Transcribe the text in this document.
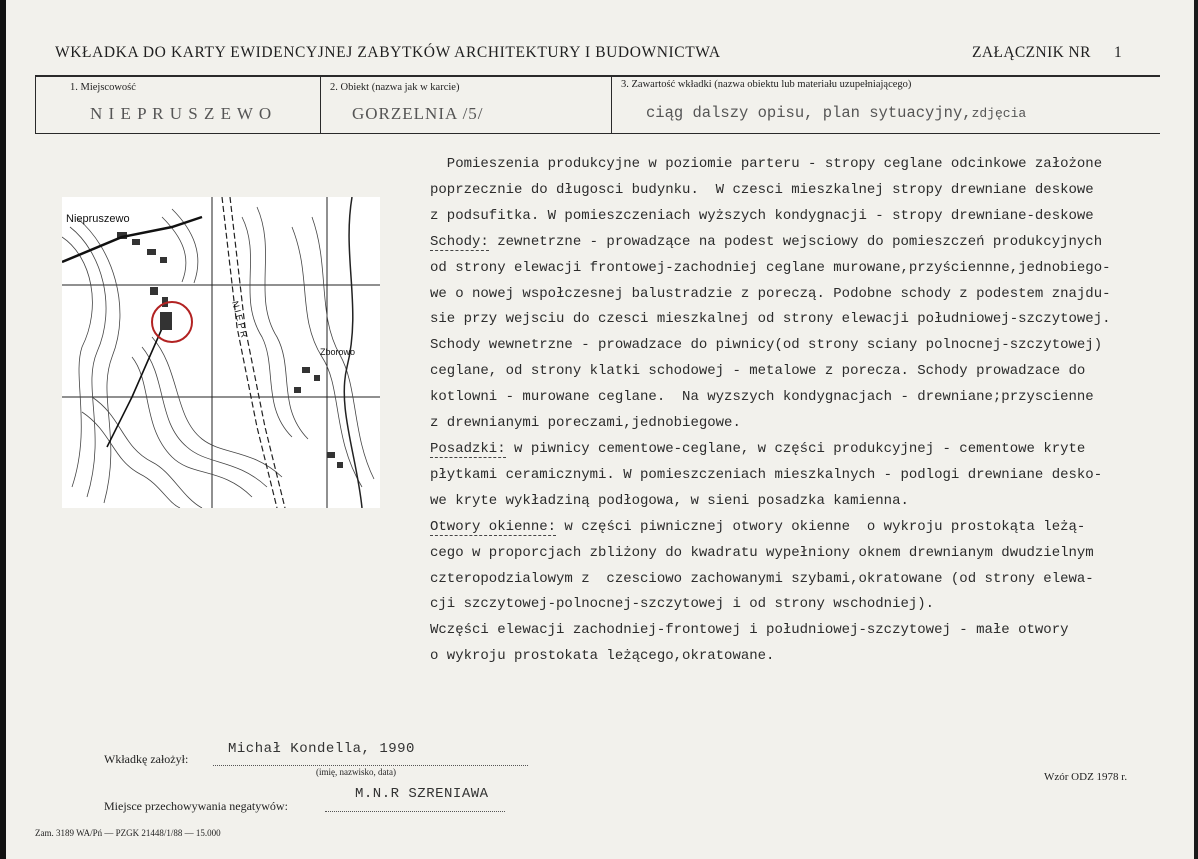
WKŁADKA DO KARTY EWIDENCYJNEJ ZABYTKÓW ARCHITEKTURY I BUDOWNICTWA	ZAŁĄCZNIK NR 1
1. Miejscowość	2. Obiekt (nazwa jak w karcie)	3. Zawartość wkładki (nazwa obiektu lub materiału uzupełniającego)
N I E P R U S Z E W O	GORZELNIA /5/	ciąg dalszy opisu, plan sytuacyjny,zdjęcia
Niepruszewo
Zborowo
N I E P R
Pomieszenia produkcyjne w poziomie parteru - stropy ceglane odcinkowe założone
poprzecznie do długosci budynku.  W czesci mieszkalnej stropy drewniane deskowe
z podsufitka. W pomieszczeniach wyższych kondygnacji - stropy drewniane-deskowe
Schody: zewnetrzne - prowadzące na podest wejsciowy do pomieszczeń produkcyjnych
od strony elewacji frontowej-zachodniej ceglane murowane,przyściennne,jednobiego-
we o nowej wspołczesnej balustradzie z poreczą. Podobne schody z podestem znajdu-
sie przy wejsciu do czesci mieszkalnej od strony elewacji południowej-szczytowej.
Schody wewnetrzne - prowadzace do piwnicy(od strony sciany polnocnej-szczytowej)
ceglane, od strony klatki schodowej - metalowe z porecza. Schody prowadzace do
kotlowni - murowane ceglane.  Na wyzszych kondygnacjach - drewniane;przyscienne
z drewnianymi poreczami,jednobiegowe.
Posadzki: w piwnicy cementowe-ceglane, w części produkcyjnej - cementowe kryte
płytkami ceramicznymi. W pomieszczeniach mieszkalnych - podlogi drewniane desko-
we kryte wykładziną podłogowa, w sieni posadzka kamienna.
Otwory okienne: w części piwnicznej otwory okienne  o wykroju prostokąta leżą-
cego w proporcjach zbliżony do kwadratu wypełniony oknem drewnianym dwudzielnym
czteropodzialowym z  czesciowo zachowanymi szybami,okratowane (od strony elewa-
cji szczytowej-polnocnej-szczytowej i od strony wschodniej).
Wczęści elewacji zachodniej-frontowej i południowej-szczytowej - małe otwory
o wykroju prostokata leżącego,okratowane.
Wkładkę założył:
Michał Kondella, 1990
(imię, nazwisko, data)
Miejsce przechowywania negatywów:
M.N.R SZRENIAWA
Wzór ODZ 1978 r.
Zam. 3189 WA/Pń — PZGK 21448/1/88 — 15.000
